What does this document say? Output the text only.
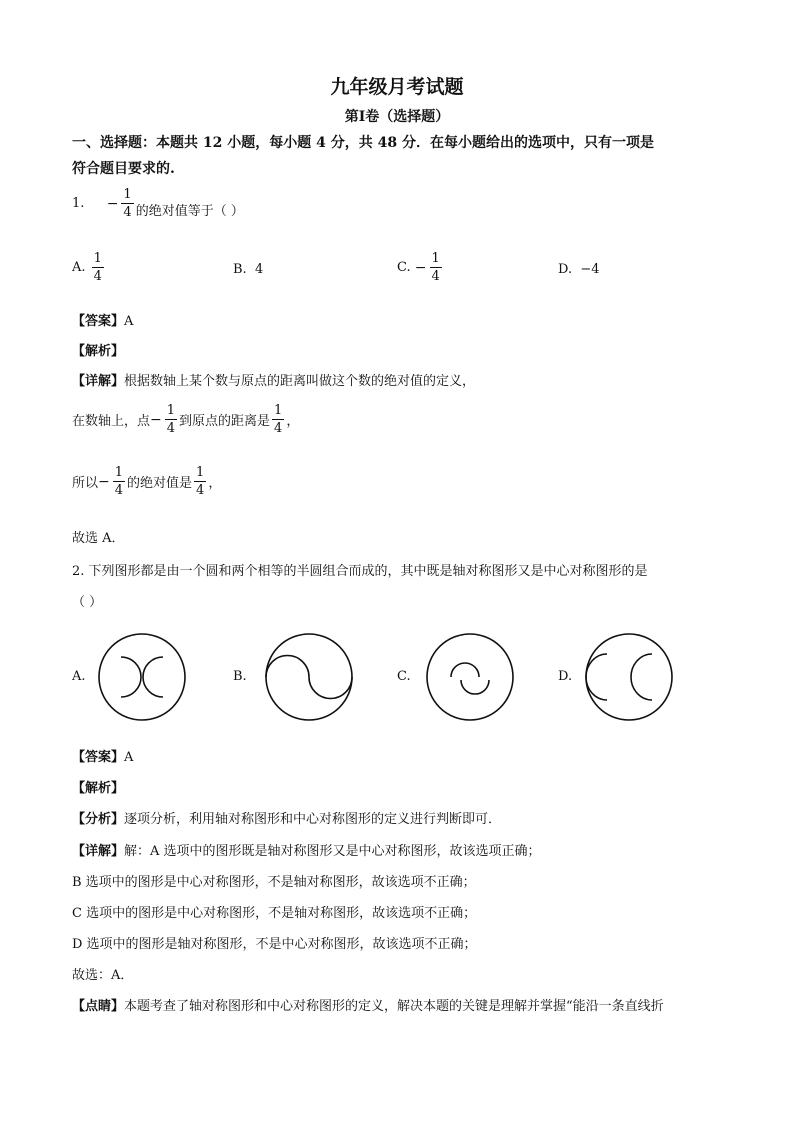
九年级月考试题
第Ⅰ卷（选择题）
一、选择题：本题共 12 小题，每小题 4 分，共 48 分．在每小题给出的选项中，只有一项是
符合题目要求的.
1. − $\frac{1}{4}$ 的绝对值等于（ ）
A. $\frac{1}{4}$	B. 4	C. − $\frac{1}{4}$	D. −4
【答案】A
【解析】
【详解】根据数轴上某个数与原点的距离叫做这个数的绝对值的定义，
在数轴上，点− $\frac{1}{4}$ 到原点的距离是 $\frac{1}{4}$ ，
所以− $\frac{1}{4}$ 的绝对值是 $\frac{1}{4}$ ，
故选 A．
2. 下列图形都是由一个圆和两个相等的半圆组合而成的，其中既是轴对称图形又是中心对称图形的是
（ ）
A.	B.	C.	D.
【答案】A
【解析】
【分析】逐项分析，利用轴对称图形和中心对称图形的定义进行判断即可．
【详解】解：A 选项中的图形既是轴对称图形又是中心对称图形，故该选项正确；
B 选项中的图形是中心对称图形，不是轴对称图形，故该选项不正确；
C 选项中的图形是中心对称图形，不是轴对称图形，故该选项不正确；
D 选项中的图形是轴对称图形，不是中心对称图形，故该选项不正确；
故选：A．
【点睛】本题考查了轴对称图形和中心对称图形的定义，解决本题的关键是理解并掌握“能沿一条直线折
